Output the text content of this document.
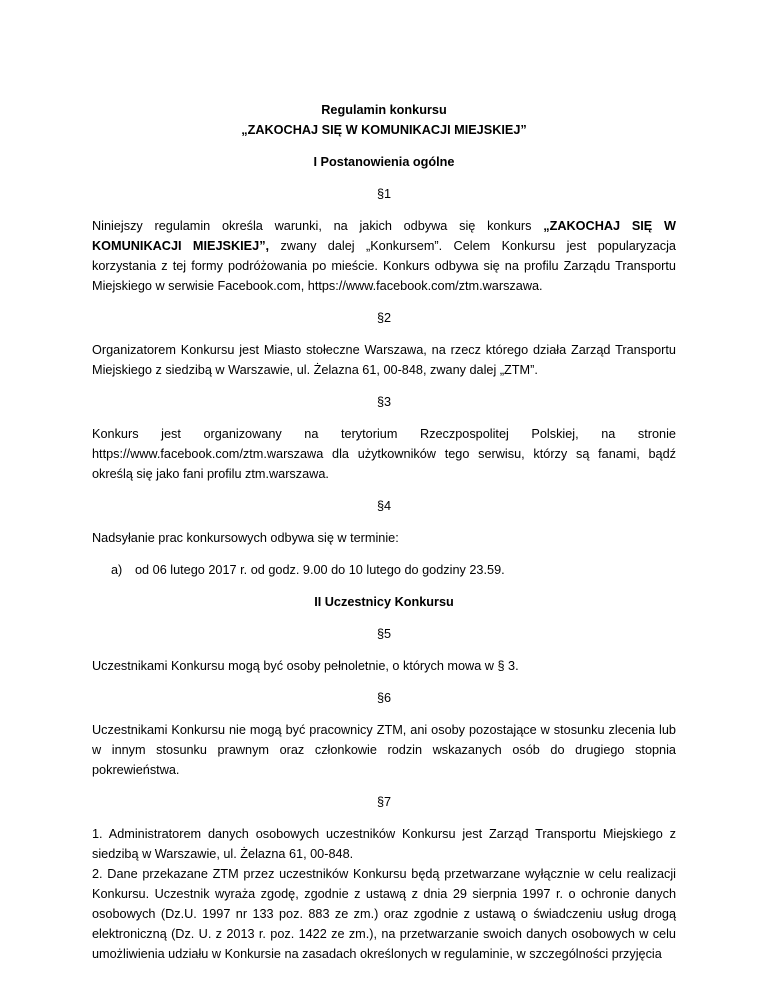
Regulamin konkursu

„ZAKOCHAJ SIĘ W KOMUNIKACJI MIEJSKIEJ”

I Postanowienia ogólne

§1

Niniejszy regulamin określa warunki, na jakich odbywa się konkurs „ZAKOCHAJ SIĘ W KOMUNIKACJI MIEJSKIEJ”, zwany dalej „Konkursem”. Celem Konkursu jest popularyzacja korzystania z tej formy podróżowania po mieście. Konkurs odbywa się na profilu Zarządu Transportu Miejskiego w serwisie Facebook.com, https://www.facebook.com/ztm.warszawa.

§2

Organizatorem Konkursu jest Miasto stołeczne Warszawa, na rzecz którego działa Zarząd Transportu Miejskiego z siedzibą w Warszawie, ul. Żelazna 61, 00-848, zwany dalej „ZTM”.

§3

Konkurs jest organizowany na terytorium Rzeczpospolitej Polskiej, na stronie

https://www.facebook.com/ztm.warszawa dla użytkowników tego serwisu, którzy są fanami, bądź określą się jako fani profilu ztm.warszawa.

§4

Nadsyłanie prac konkursowych odbywa się w terminie:

a) od 06 lutego 2017 r. od godz. 9.00 do 10 lutego do godziny 23.59.

II Uczestnicy Konkursu

§5

Uczestnikami Konkursu mogą być osoby pełnoletnie, o których mowa w § 3.

§6

Uczestnikami Konkursu nie mogą być pracownicy ZTM, ani osoby pozostające w stosunku zlecenia lub w innym stosunku prawnym oraz członkowie rodzin wskazanych osób do drugiego stopnia pokrewieństwa.

§7

1. Administratorem danych osobowych uczestników Konkursu jest Zarząd Transportu Miejskiego z siedzibą w Warszawie, ul. Żelazna 61, 00-848.

2. Dane przekazane ZTM przez uczestników Konkursu będą przetwarzane wyłącznie w celu realizacji Konkursu. Uczestnik wyraża zgodę, zgodnie z ustawą z dnia 29 sierpnia 1997 r. o ochronie danych osobowych (Dz.U. 1997 nr 133 poz. 883 ze zm.) oraz zgodnie z ustawą o świadczeniu usług drogą elektroniczną (Dz. U. z 2013 r. poz. 1422 ze zm.), na przetwarzanie swoich danych osobowych w celu umożliwienia udziału w Konkursie na zasadach określonych w regulaminie, w szczególności przyjęcia
